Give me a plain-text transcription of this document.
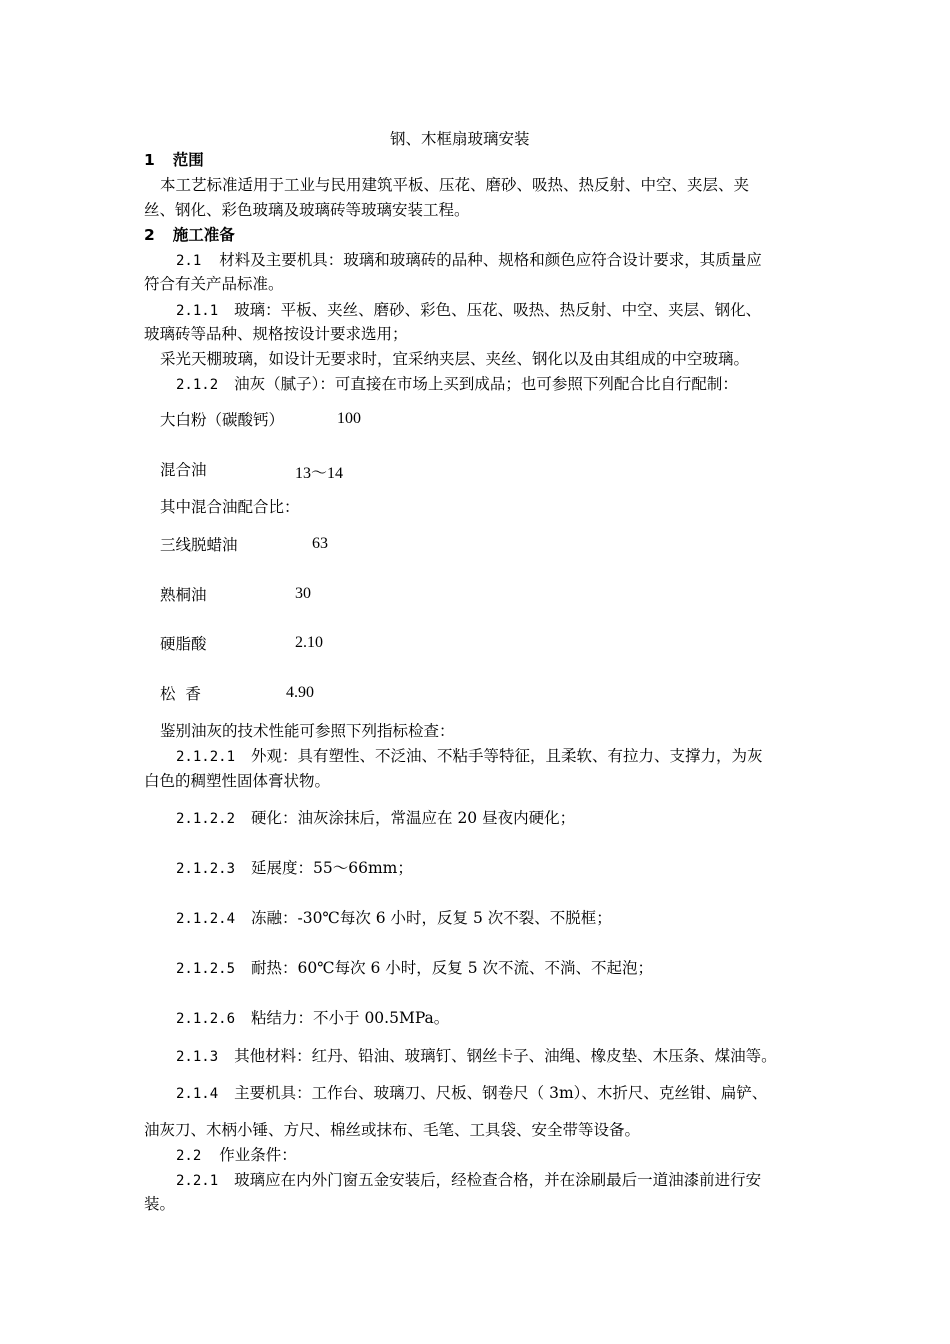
钢、木框扇玻璃安装
1 范围
本工艺标准适用于工业与民用建筑平板、压花、磨砂、吸热、热反射、中空、夹层、夹
丝、钢化、彩色玻璃及玻璃砖等玻璃安装工程。
2 施工准备
2.1 材料及主要机具：玻璃和玻璃砖的品种、规格和颜色应符合设计要求，其质量应
符合有关产品标准。
2.1.1 玻璃：平板、夹丝、磨砂、彩色、压花、吸热、热反射、中空、夹层、钢化、
玻璃砖等品种、规格按设计要求选用；
采光天棚玻璃，如设计无要求时，宜采纳夹层、夹丝、钢化以及由其组成的中空玻璃。
2.1.2 油灰（腻子）：可直接在市场上买到成品；也可参照下列配合比自行配制：
大白粉（碳酸钙）	100
混合油	13～14
其中混合油配合比：
三线脱蜡油	63
熟桐油	30
硬脂酸	2.10
松  香	4.90
鉴别油灰的技术性能可参照下列指标检查：
2.1.2.1 外观：具有塑性、不泛油、不粘手等特征，且柔软、有拉力、支撑力，为灰
白色的稠塑性固体膏状物。
2.1.2.2 硬化：油灰涂抹后，常温应在 20 昼夜内硬化；
2.1.2.3 延展度：55～66mm；
2.1.2.4 冻融：-30℃每次 6 小时，反复 5 次不裂、不脱框；
2.1.2.5 耐热：60℃每次 6 小时，反复 5 次不流、不淌、不起泡；
2.1.2.6 粘结力：不小于 00.5MPa。
2.1.3 其他材料：红丹、铅油、玻璃钉、钢丝卡子、油绳、橡皮垫、木压条、煤油等。
2.1.4 主要机具：工作台、玻璃刀、尺板、钢卷尺（ 3m）、木折尺、克丝钳、扁铲、
油灰刀、木柄小锤、方尺、棉丝或抹布、毛笔、工具袋、安全带等设备。
2.2 作业条件：
2.2.1 玻璃应在内外门窗五金安装后，经检查合格，并在涂刷最后一道油漆前进行安
装。
